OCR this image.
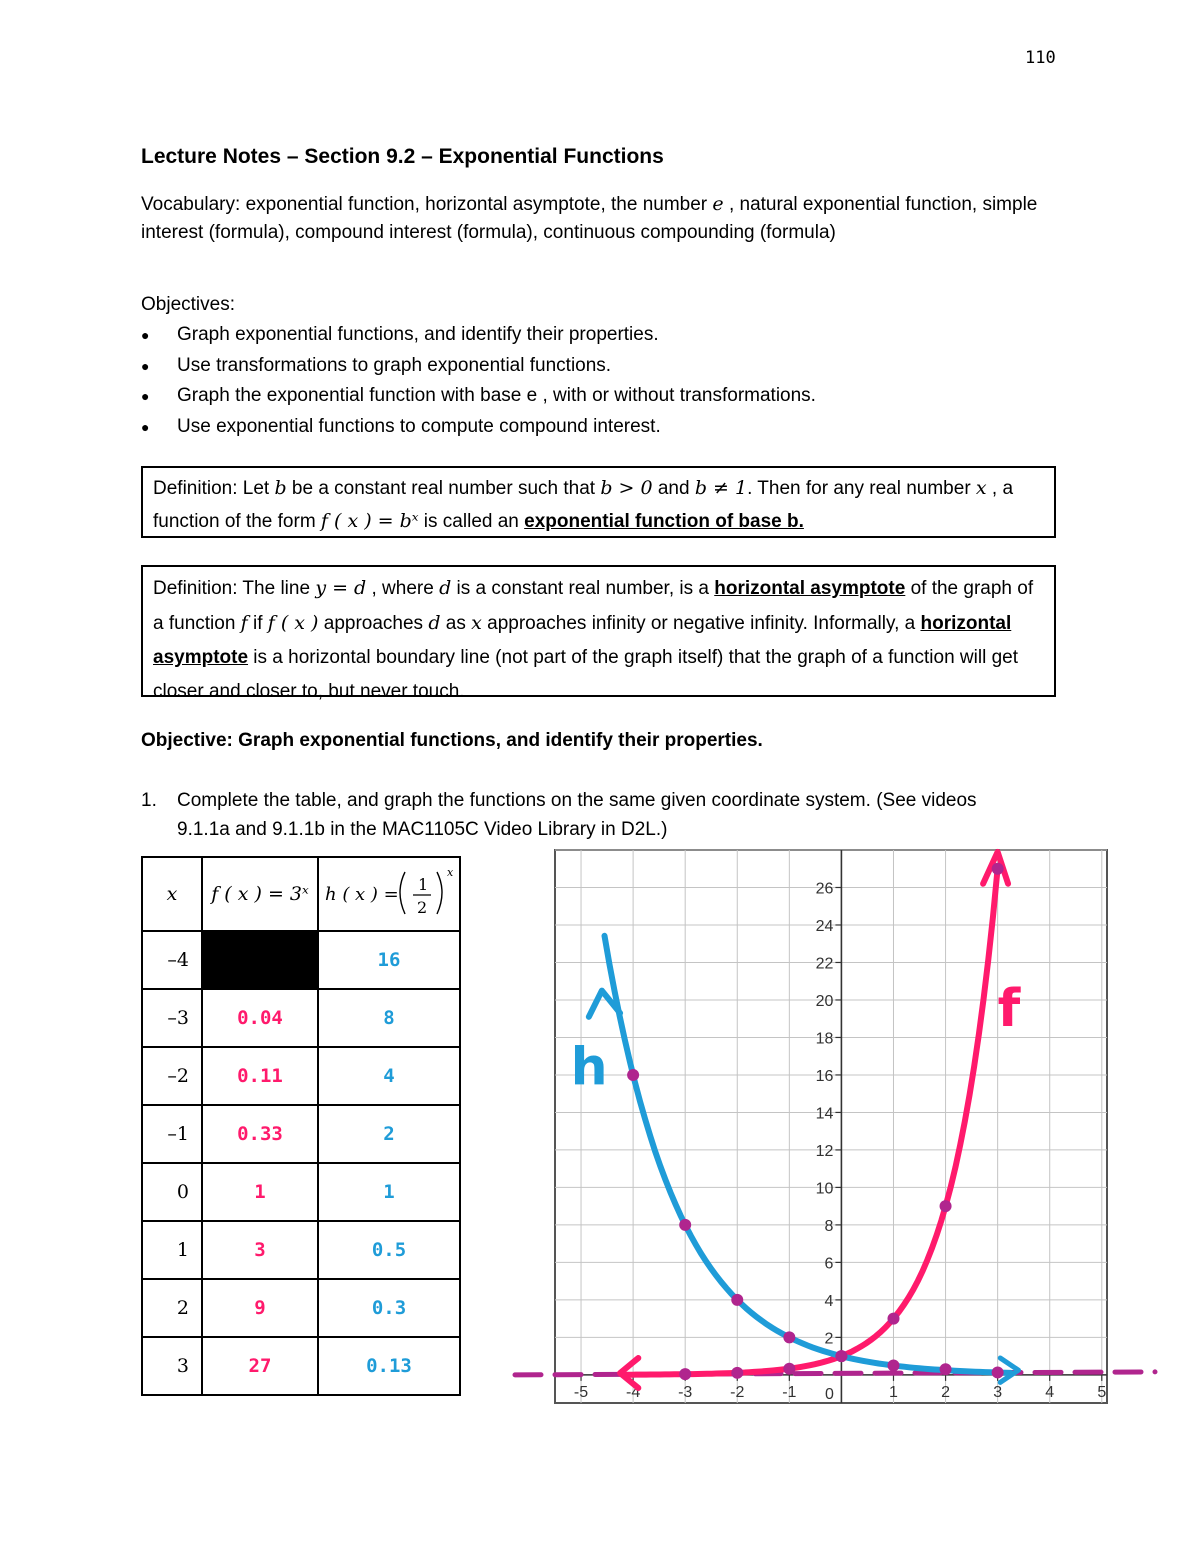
110
Lecture Notes – Section 9.2 – Exponential Functions
Vocabulary: exponential function, horizontal asymptote, the number e , natural exponential function, simple interest (formula), compound interest (formula), continuous compounding (formula)
Objectives:
● Graph exponential functions, and identify their properties.
● Use transformations to graph exponential functions.
● Graph the exponential function with base e , with or without transformations.
● Use exponential functions to compute compound interest.
Definition: Let b be a constant real number such that b > 0 and b ≠ 1. Then for any real number x , a function of the form f ( x ) = bˣ is called an exponential function of base b.
Definition: The line y = d , where d is a constant real number, is a horizontal asymptote of the graph of a function f if f ( x ) approaches d as x approaches infinity or negative infinity. Informally, a horizontal asymptote is a horizontal boundary line (not part of the graph itself) that the graph of a function will get closer and closer to, but never touch.
Objective: Graph exponential functions, and identify their properties.
1.	Complete the table, and graph the functions on the same given coordinate system. (See videos 9.1.1a and 9.1.1b in the MAC1105C Video Library in D2L.)
x	f ( x ) = 3ˣ	h ( x ) = 1
2
x

–4		16
–3	0.04	8
–2	0.11	4
–1	0.33	2
0	1	1
1	3	0.5
2	9	0.3
3	27	0.13
2
4
6
8
10
12
14
16
18
20
22
24
26
-5 -4 -3 -2 -1	1	2	3	4	5
0
f
h
